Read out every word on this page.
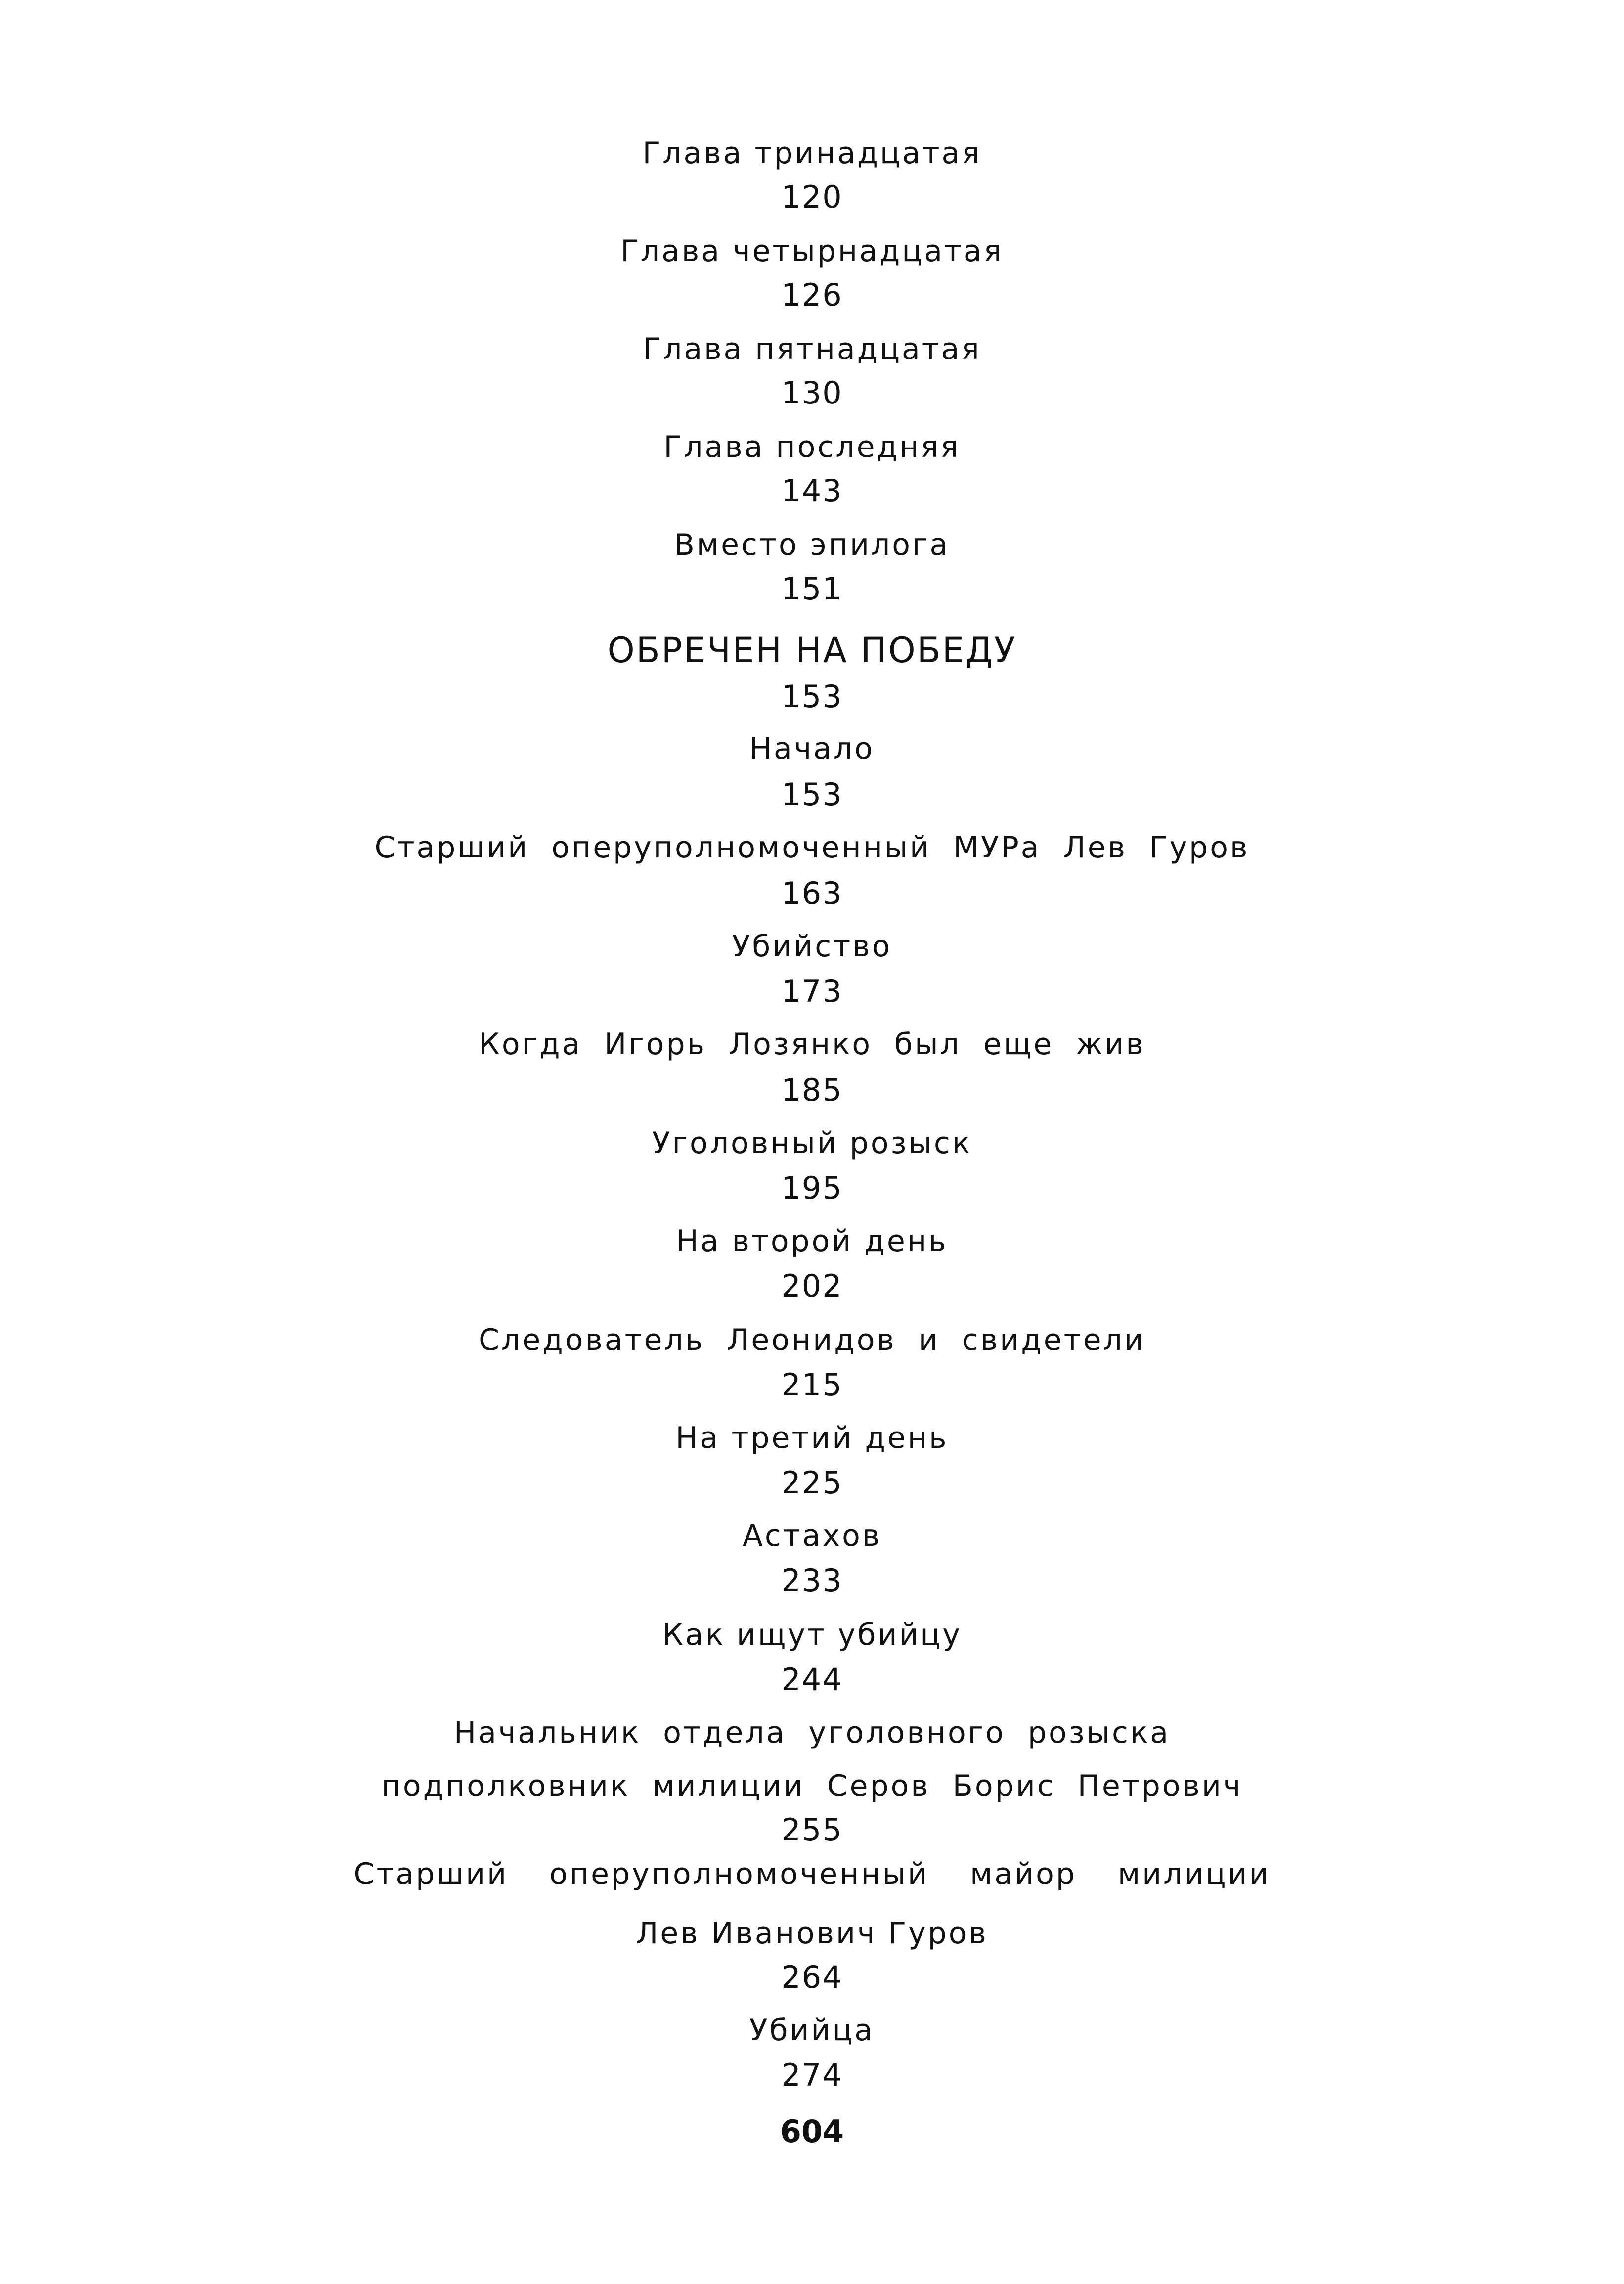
Глава тринадцатая
120
Глава четырнадцатая
126
Глава пятнадцатая
130
Глава последняя
143
Вместо эпилога
151
ОБРЕЧЕН НА ПОБЕДУ
153
Начало
153
Старший оперуполномоченный МУРа Лев Гуров
163
Убийство
173
Когда Игорь Лозянко был еще жив
185
Уголовный розыск
195
На второй день
202
Следователь Леонидов и свидетели
215
На третий день
225
Астахов
233
Как ищут убийцу
244
Начальник отдела уголовного розыска
подполковник милиции Серов Борис Петрович
255
Старший оперуполномоченный майор милиции
Лев Иванович Гуров
264
Убийца
274
604
